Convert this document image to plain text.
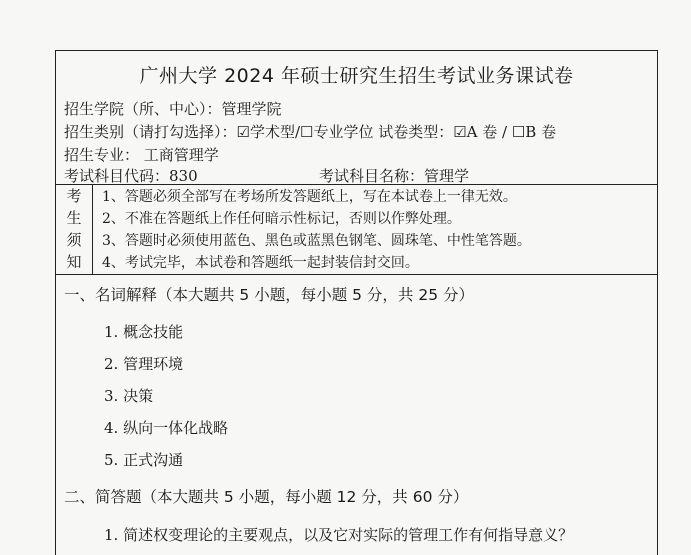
广州大学 2024 年硕士研究生招生考试业务课试卷
招生学院（所、中心）：管理学院
招生类别（请打勾选择）：☑学术型/☐专业学位 试卷类型：☑A 卷 / ☐B 卷
招生专业： 工商管理学
考试科目代码：830	考试科目名称：管理学
考
生
须
知
1、答题必须全部写在考场所发答题纸上，写在本试卷上一律无效。
2、不准在答题纸上作任何暗示性标记，否则以作弊处理。
3、答题时必须使用蓝色、黑色或蓝黑色钢笔、圆珠笔、中性笔答题。
4、考试完毕，本试卷和答题纸一起封装信封交回。
一、名词解释（本大题共 5 小题，每小题 5 分，共 25 分）
1. 概念技能
2. 管理环境
3. 决策
4. 纵向一体化战略
5. 正式沟通
二、简答题（本大题共 5 小题，每小题 12 分，共 60 分）
1. 简述权变理论的主要观点，以及它对实际的管理工作有何指导意义？
